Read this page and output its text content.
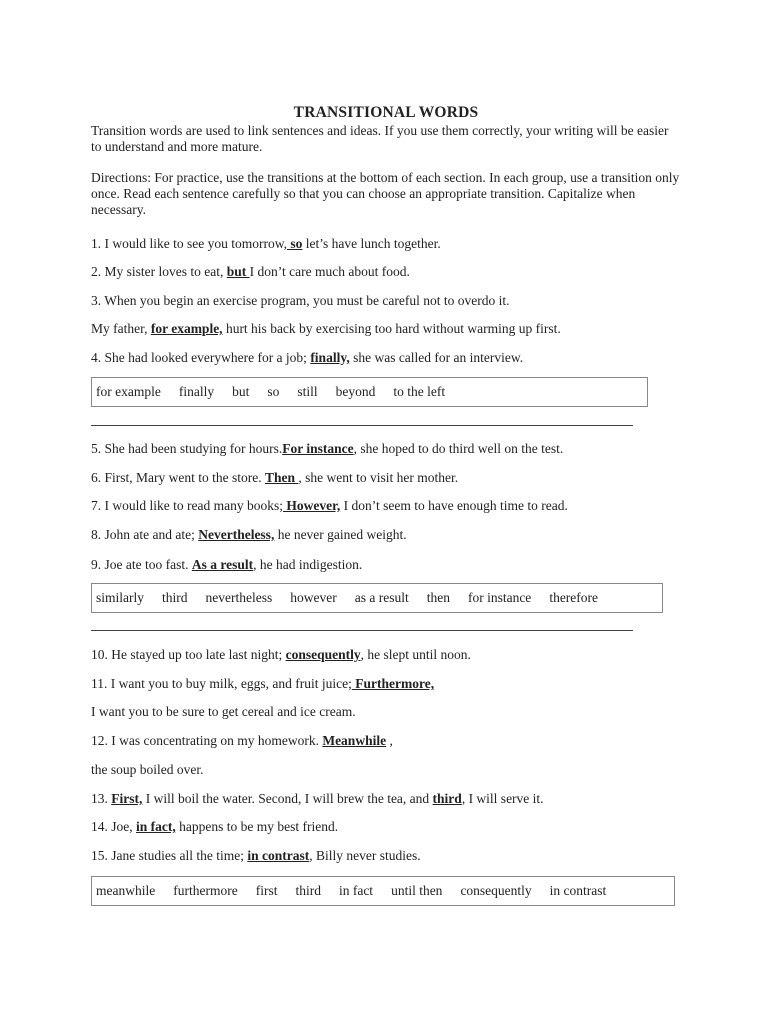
TRANSITIONAL WORDS
Transition words are used to link sentences and ideas. If you use them correctly, your writing will be easier to understand and more mature.
Directions: For practice, use the transitions at the bottom of each section. In each group, use a transition only once. Read each sentence carefully so that you can choose an appropriate transition. Capitalize when necessary.
1. I would like to see you tomorrow, so let’s have lunch together.
2. My sister loves to eat, but I don’t care much about food.
3. When you begin an exercise program, you must be careful not to overdo it.
My father, for example, hurt his back by exercising too hard without warming up first.
4. She had looked everywhere for a job; finally, she was called for an interview.
for example finally but so still beyond to the left
5. She had been studying for hours.For instance, she hoped to do third well on the test.
6. First, Mary went to the store. Then , she went to visit her mother.
7. I would like to read many books; However, I don’t seem to have enough time to read.
8. John ate and ate; Nevertheless, he never gained weight.
9. Joe ate too fast. As a result, he had indigestion.
similarly third nevertheless however as a result then for instance therefore
10. He stayed up too late last night; consequently, he slept until noon.
11. I want you to buy milk, eggs, and fruit juice; Furthermore,
I want you to be sure to get cereal and ice cream.
12. I was concentrating on my homework. Meanwhile ,
the soup boiled over.
13. First, I will boil the water. Second, I will brew the tea, and third, I will serve it.
14. Joe, in fact, happens to be my best friend.
15. Jane studies all the time; in contrast, Billy never studies.
meanwhile furthermore first third in fact until then consequently in contrast
